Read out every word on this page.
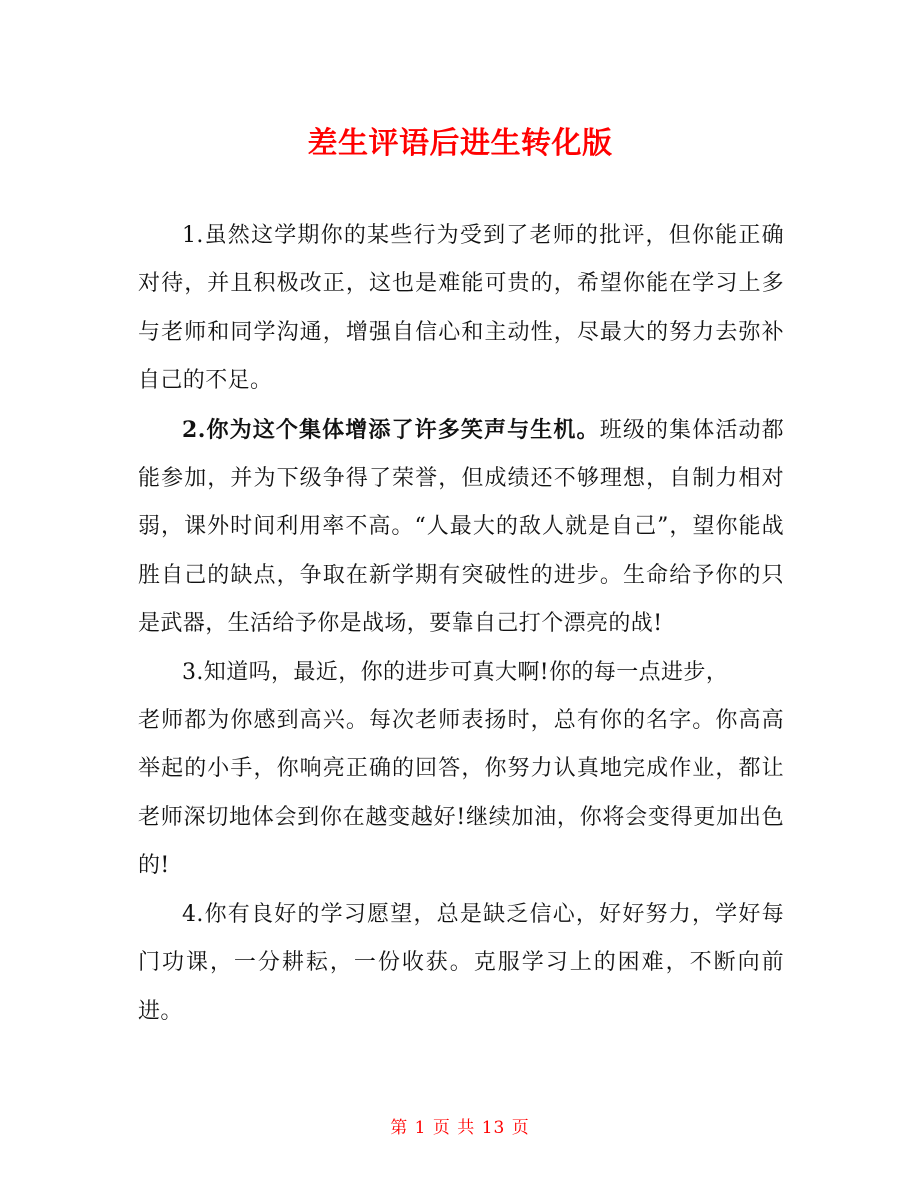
差生评语后进生转化版

1.虽然这学期你的某些行为受到了老师的批评，但你能正确对待，并且积极改正，这也是难能可贵的，希望你能在学习上多与老师和同学沟通，增强自信心和主动性，尽最大的努力去弥补自己的不足。

2.你为这个集体增添了许多笑声与生机。班级的集体活动都能参加，并为下级争得了荣誉，但成绩还不够理想，自制力相对弱，课外时间利用率不高。“人最大的敌人就是自己”，望你能战胜自己的缺点，争取在新学期有突破性的进步。生命给予你的只是武器，生活给予你是战场，要靠自己打个漂亮的战!

3.知道吗，最近，你的进步可真大啊!你的每一点进步，

老师都为你感到高兴。每次老师表扬时，总有你的名字。你高高举起的小手，你响亮正确的回答，你努力认真地完成作业，都让老师深切地体会到你在越变越好!继续加油，你将会变得更加出色的!

4.你有良好的学习愿望，总是缺乏信心，好好努力，学好每门功课，一分耕耘，一份收获。克服学习上的困难，不断向前进。

第 1 页 共 13 页
